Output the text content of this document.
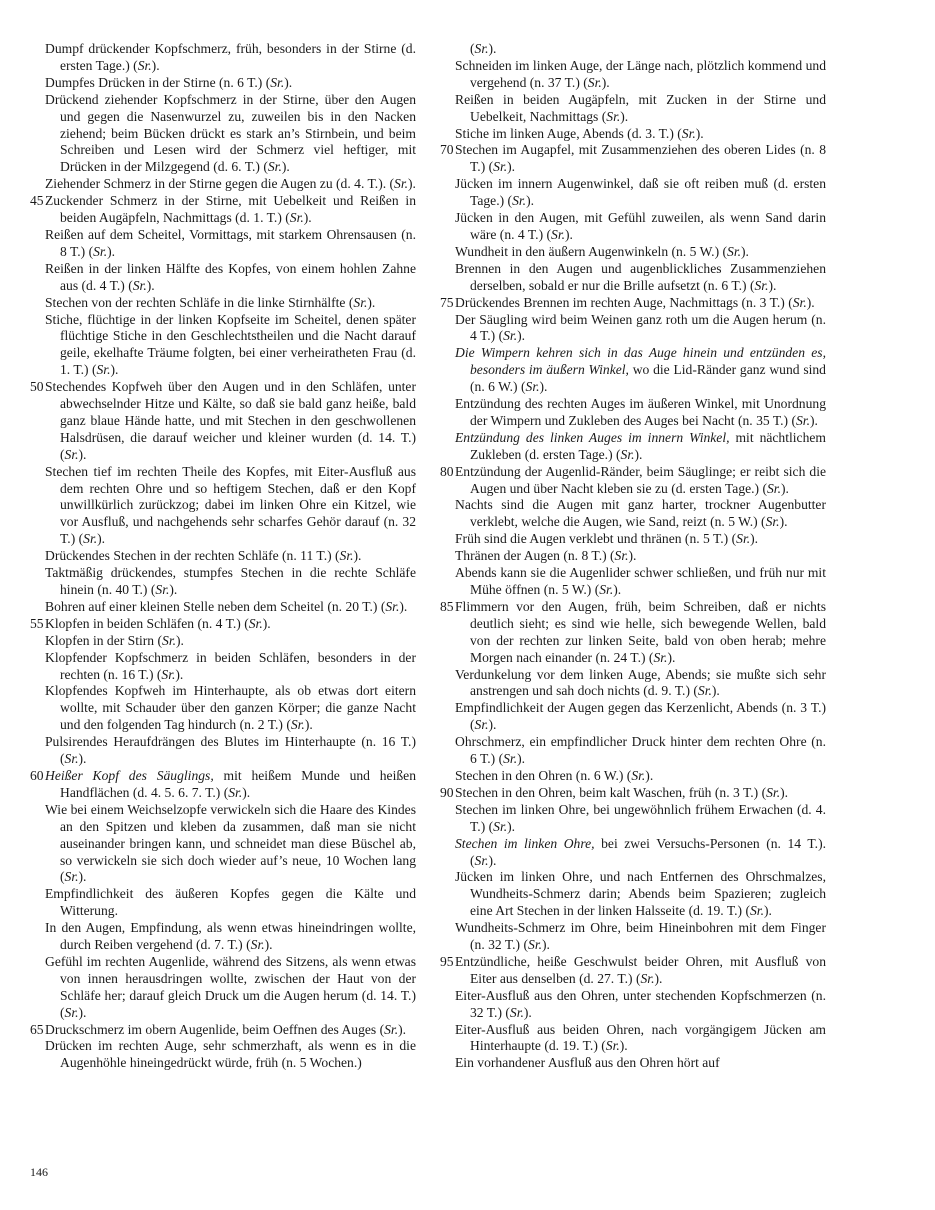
Dumpf drückender Kopfschmerz, früh, besonders in der Stirne (d. ersten Tage.) (Sr.).
Dumpfes Drücken in der Stirne (n. 6 T.) (Sr.).
Drückend ziehender Kopfschmerz in der Stirne, über den Augen und gegen die Nasenwurzel zu, zuweilen bis in den Nacken ziehend; beim Bücken drückt es stark an’s Stirnbein, und beim Schreiben und Lesen wird der Schmerz viel heftiger, mit Drücken in der Milzgegend (d. 6. T.) (Sr.).
Ziehender Schmerz in der Stirne gegen die Augen zu (d. 4. T.). (Sr.).
45 Zuckender Schmerz in der Stirne, mit Uebelkeit und Reißen in beiden Augäpfeln, Nachmittags (d. 1. T.) (Sr.).
Reißen auf dem Scheitel, Vormittags, mit starkem Ohrensausen (n. 8 T.) (Sr.).
Reißen in der linken Hälfte des Kopfes, von einem hohlen Zahne aus (d. 4 T.) (Sr.).
Stechen von der rechten Schläfe in die linke Stirnhälfte (Sr.).
Stiche, flüchtige in der linken Kopfseite im Scheitel, denen später flüchtige Stiche in den Geschlechtstheilen und die Nacht darauf geile, ekelhafte Träume folgten, bei einer verheiratheten Frau (d. 1. T.) (Sr.).
50 Stechendes Kopfweh über den Augen und in den Schläfen, unter abwechselnder Hitze und Kälte, so daß sie bald ganz heiße, bald ganz blaue Hände hatte, und mit Stechen in den geschwollenen Halsdrüsen, die darauf weicher und kleiner wurden (d. 14. T.) (Sr.).
Stechen tief im rechten Theile des Kopfes, mit Eiter-Ausfluß aus dem rechten Ohre und so heftigem Stechen, daß er den Kopf unwillkürlich zurückzog; dabei im linken Ohre ein Kitzel, wie vor Ausfluß, und nachgehends sehr scharfes Gehör darauf (n. 32 T.) (Sr.).
Drückendes Stechen in der rechten Schläfe (n. 11 T.) (Sr.).
Taktmäßig drückendes, stumpfes Stechen in die rechte Schläfe hinein (n. 40 T.) (Sr.).
Bohren auf einer kleinen Stelle neben dem Scheitel (n. 20 T.) (Sr.).
55 Klopfen in beiden Schläfen (n. 4 T.) (Sr.).
Klopfen in der Stirn (Sr.).
Klopfender Kopfschmerz in beiden Schläfen, besonders in der rechten (n. 16 T.) (Sr.).
Klopfendes Kopfweh im Hinterhaupte, als ob etwas dort eitern wollte, mit Schauder über den ganzen Körper; die ganze Nacht und den folgenden Tag hindurch (n. 2 T.) (Sr.).
Pulsirendes Heraufdrängen des Blutes im Hinterhaupte (n. 16 T.) (Sr.).
60 Heißer Kopf des Säuglings, mit heißem Munde und heißen Handflächen (d. 4. 5. 6. 7. T.) (Sr.).
Wie bei einem Weichselzopfe verwickeln sich die Haare des Kindes an den Spitzen und kleben da zusammen, daß man sie nicht auseinander bringen kann, und schneidet man diese Büschel ab, so verwickeln sie sich doch wieder auf’s neue, 10 Wochen lang (Sr.).
Empfindlichkeit des äußeren Kopfes gegen die Kälte und Witterung.
In den Augen, Empfindung, als wenn etwas hineindringen wollte, durch Reiben vergehend (d. 7. T.) (Sr.).
Gefühl im rechten Augenlide, während des Sitzens, als wenn etwas von innen herausdringen wollte, zwischen der Haut von der Schläfe her; darauf gleich Druck um die Augen herum (d. 14. T.) (Sr.).
65 Druckschmerz im obern Augenlide, beim Oeffnen des Auges (Sr.).
Drücken im rechten Auge, sehr schmerzhaft, als wenn es in die Augenhöhle hineingedrückt würde, früh (n. 5 Wochen.)
(Sr.).
Schneiden im linken Auge, der Länge nach, plötzlich kommend und vergehend (n. 37 T.) (Sr.).
Reißen in beiden Augäpfeln, mit Zucken in der Stirne und Uebelkeit, Nachmittags (Sr.).
Stiche im linken Auge, Abends (d. 3. T.) (Sr.).
70 Stechen im Augapfel, mit Zusammenziehen des oberen Lides (n. 8 T.) (Sr.).
Jücken im innern Augenwinkel, daß sie oft reiben muß (d. ersten Tage.) (Sr.).
Jücken in den Augen, mit Gefühl zuweilen, als wenn Sand darin wäre (n. 4 T.) (Sr.).
Wundheit in den äußern Augenwinkeln (n. 5 W.) (Sr.).
Brennen in den Augen und augenblickliches Zusammenziehen derselben, sobald er nur die Brille aufsetzt (n. 6 T.) (Sr.).
75 Drückendes Brennen im rechten Auge, Nachmittags (n. 3 T.) (Sr.).
Der Säugling wird beim Weinen ganz roth um die Augen herum (n. 4 T.) (Sr.).
Die Wimpern kehren sich in das Auge hinein und entzünden es, besonders im äußern Winkel, wo die Lid-Ränder ganz wund sind (n. 6 W.) (Sr.).
Entzündung des rechten Auges im äußeren Winkel, mit Unordnung der Wimpern und Zukleben des Auges bei Nacht (n. 35 T.) (Sr.).
Entzündung des linken Auges im innern Winkel, mit nächtlichem Zukleben (d. ersten Tage.) (Sr.).
80 Entzündung der Augenlid-Ränder, beim Säuglinge; er reibt sich die Augen und über Nacht kleben sie zu (d. ersten Tage.) (Sr.).
Nachts sind die Augen mit ganz harter, trockner Augenbutter verklebt, welche die Augen, wie Sand, reizt (n. 5 W.) (Sr.).
Früh sind die Augen verklebt und thränen (n. 5 T.) (Sr.).
Thränen der Augen (n. 8 T.) (Sr.).
Abends kann sie die Augenlider schwer schließen, und früh nur mit Mühe öffnen (n. 5 W.) (Sr.).
85 Flimmern vor den Augen, früh, beim Schreiben, daß er nichts deutlich sieht; es sind wie helle, sich bewegende Wellen, bald von der rechten zur linken Seite, bald von oben herab; mehre Morgen nach einander (n. 24 T.) (Sr.).
Verdunkelung vor dem linken Auge, Abends; sie mußte sich sehr anstrengen und sah doch nichts (d. 9. T.) (Sr.).
Empfindlichkeit der Augen gegen das Kerzenlicht, Abends (n. 3 T.) (Sr.).
Ohrschmerz, ein empfindlicher Druck hinter dem rechten Ohre (n. 6 T.) (Sr.).
Stechen in den Ohren (n. 6 W.) (Sr.).
90 Stechen in den Ohren, beim kalt Waschen, früh (n. 3 T.) (Sr.).
Stechen im linken Ohre, bei ungewöhnlich frühem Erwachen (d. 4. T.) (Sr.).
Stechen im linken Ohre, bei zwei Versuchs-Personen (n. 14 T.). (Sr.).
Jücken im linken Ohre, und nach Entfernen des Ohrschmalzes, Wundheits-Schmerz darin; Abends beim Spazieren; zugleich eine Art Stechen in der linken Halsseite (d. 19. T.) (Sr.).
Wundheits-Schmerz im Ohre, beim Hineinbohren mit dem Finger (n. 32 T.) (Sr.).
95 Entzündliche, heiße Geschwulst beider Ohren, mit Ausfluß von Eiter aus denselben (d. 27. T.) (Sr.).
Eiter-Ausfluß aus den Ohren, unter stechenden Kopfschmerzen (n. 32 T.) (Sr.).
Eiter-Ausfluß aus beiden Ohren, nach vorgängigem Jücken am Hinterhaupte (d. 19. T.) (Sr.).
Ein vorhandener Ausfluß aus den Ohren hört auf
146
